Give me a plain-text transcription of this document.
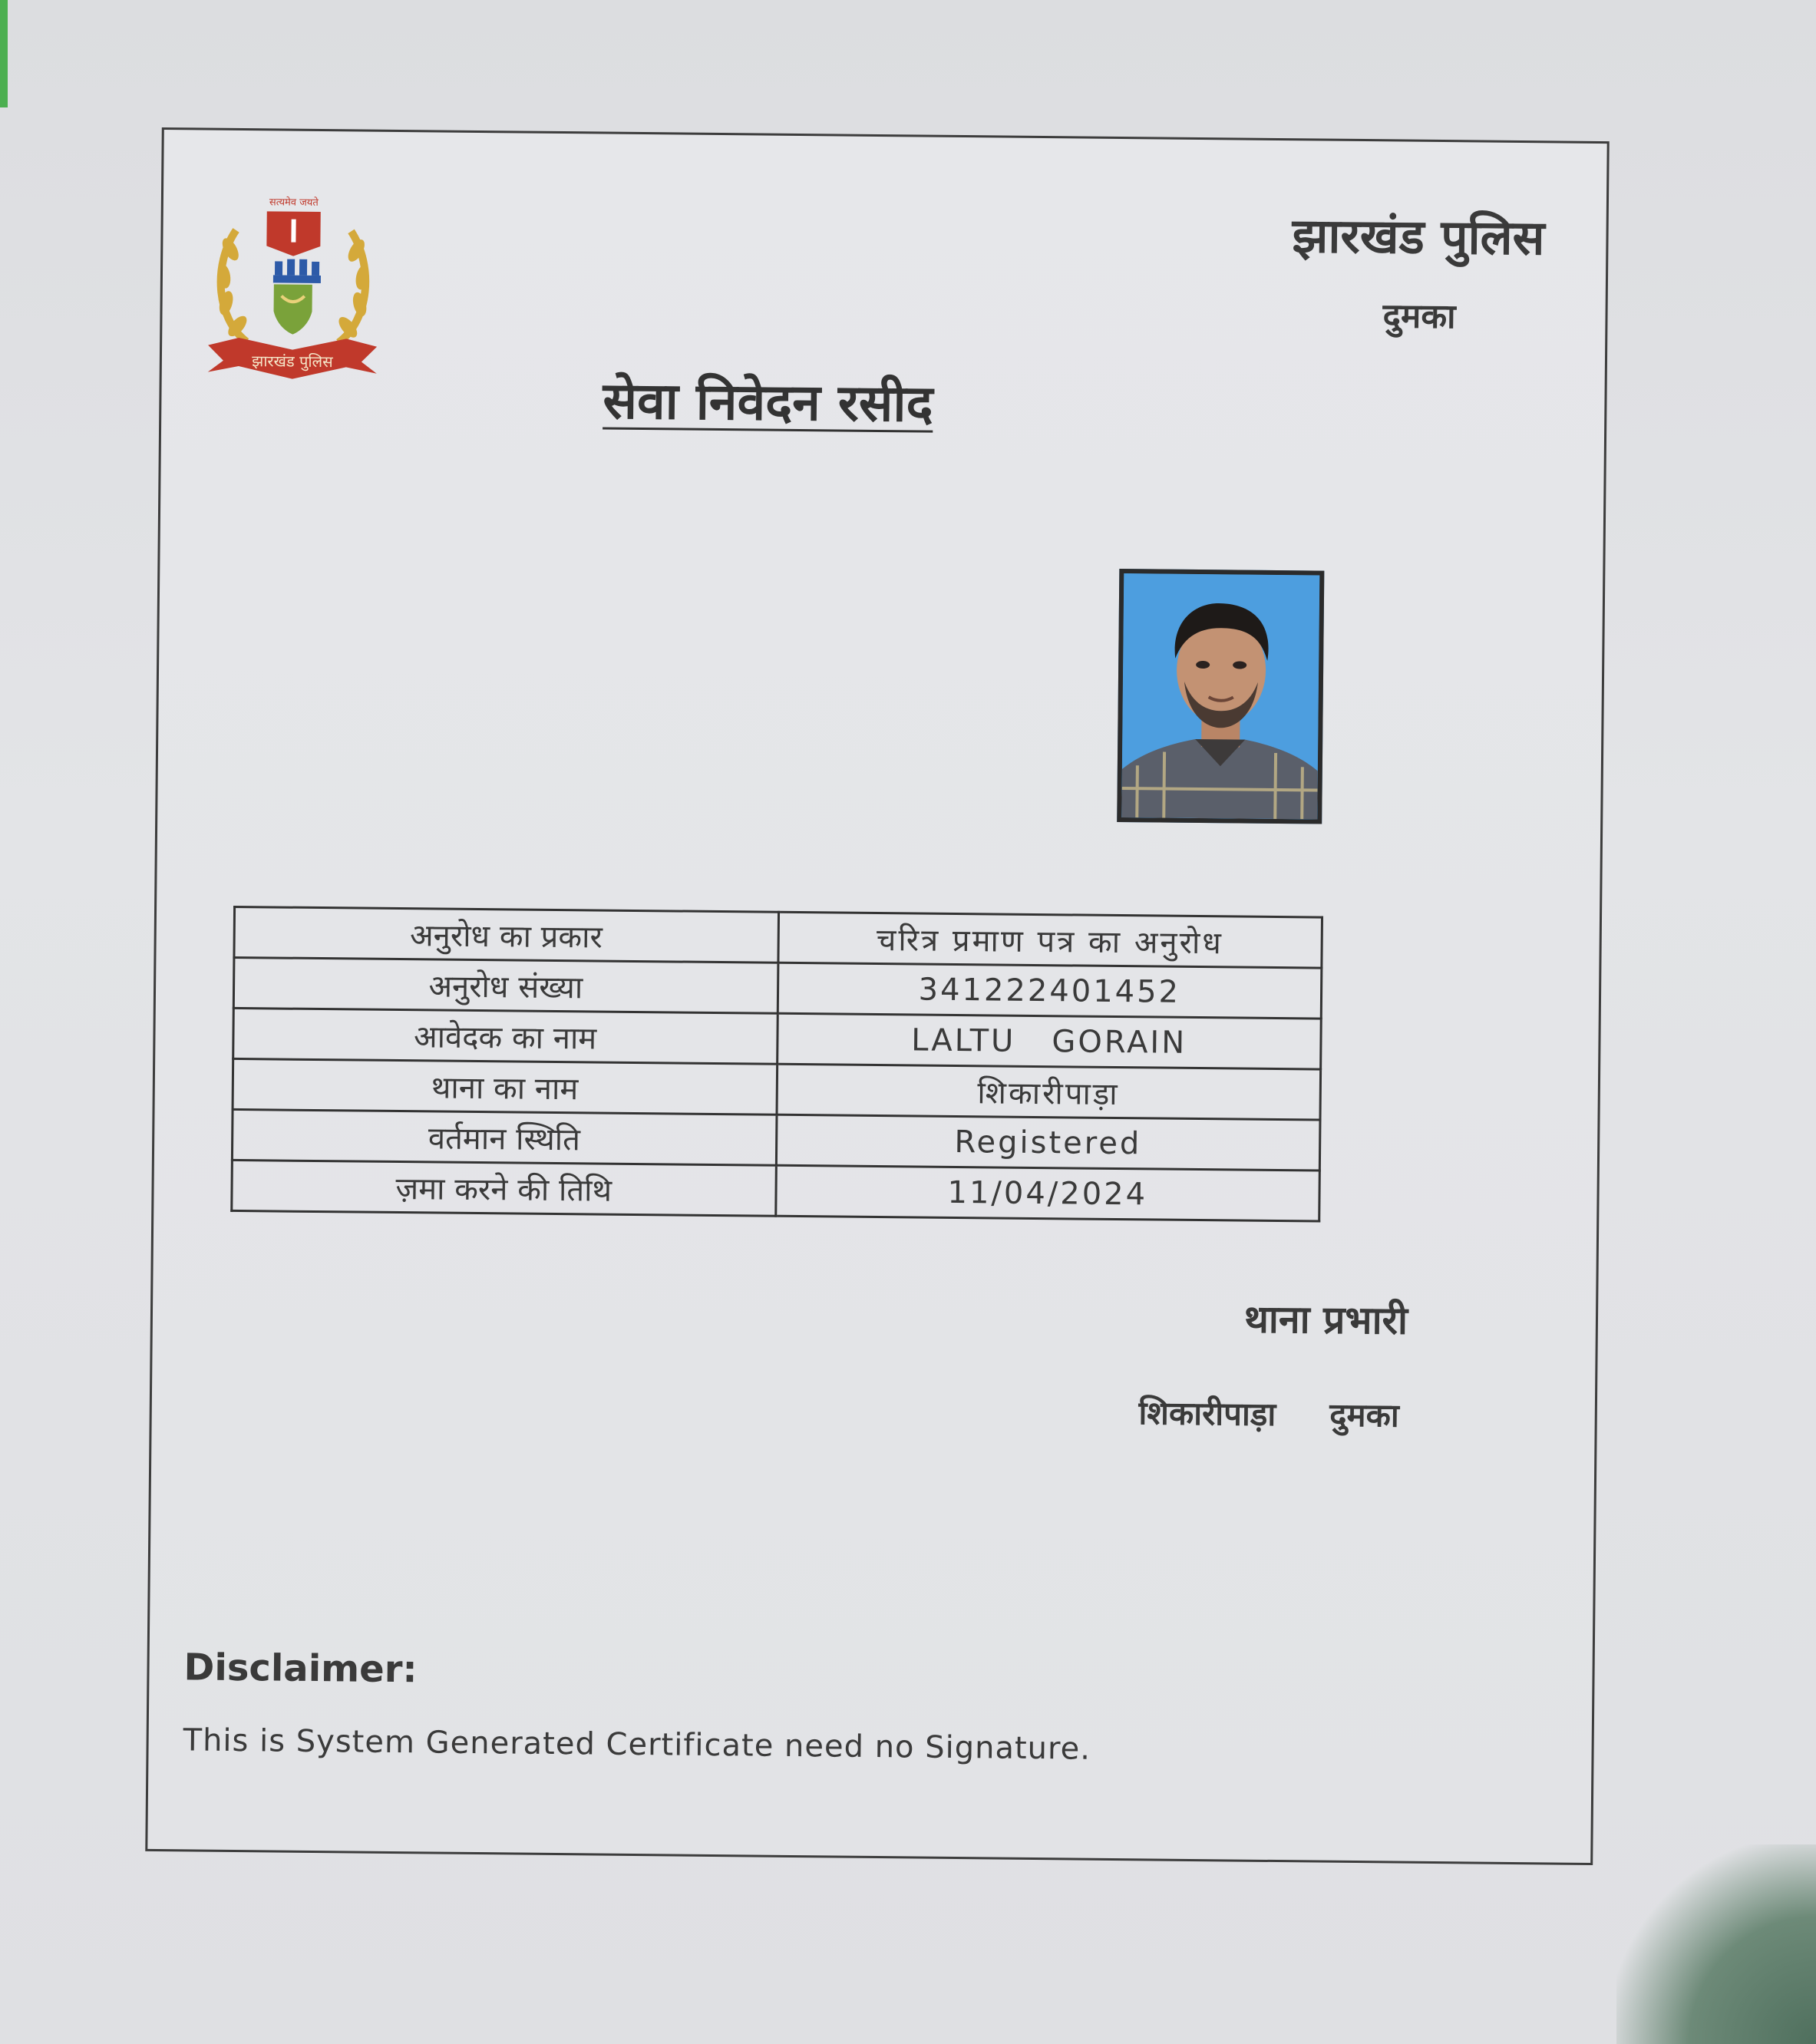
सत्यमेव जयते
झारखंड पुलिस
झारखंड पुलिस
दुमका
सेवा निवेदन रसीद
अनुरोध का प्रकार	चरित्र प्रमाण पत्र का अनुरोध
अनुरोध संख्या	341222401452
आवेदक का नाम	LALTU   GORAIN
थाना का नाम	शिकारीपाड़ा
वर्तमान स्थिति	Registered
ज़मा करने की तिथि	11/04/2024
थाना प्रभारी
शिकारीपाड़ा दुमका
Disclaimer:
This is System Generated Certificate need no Signature.
